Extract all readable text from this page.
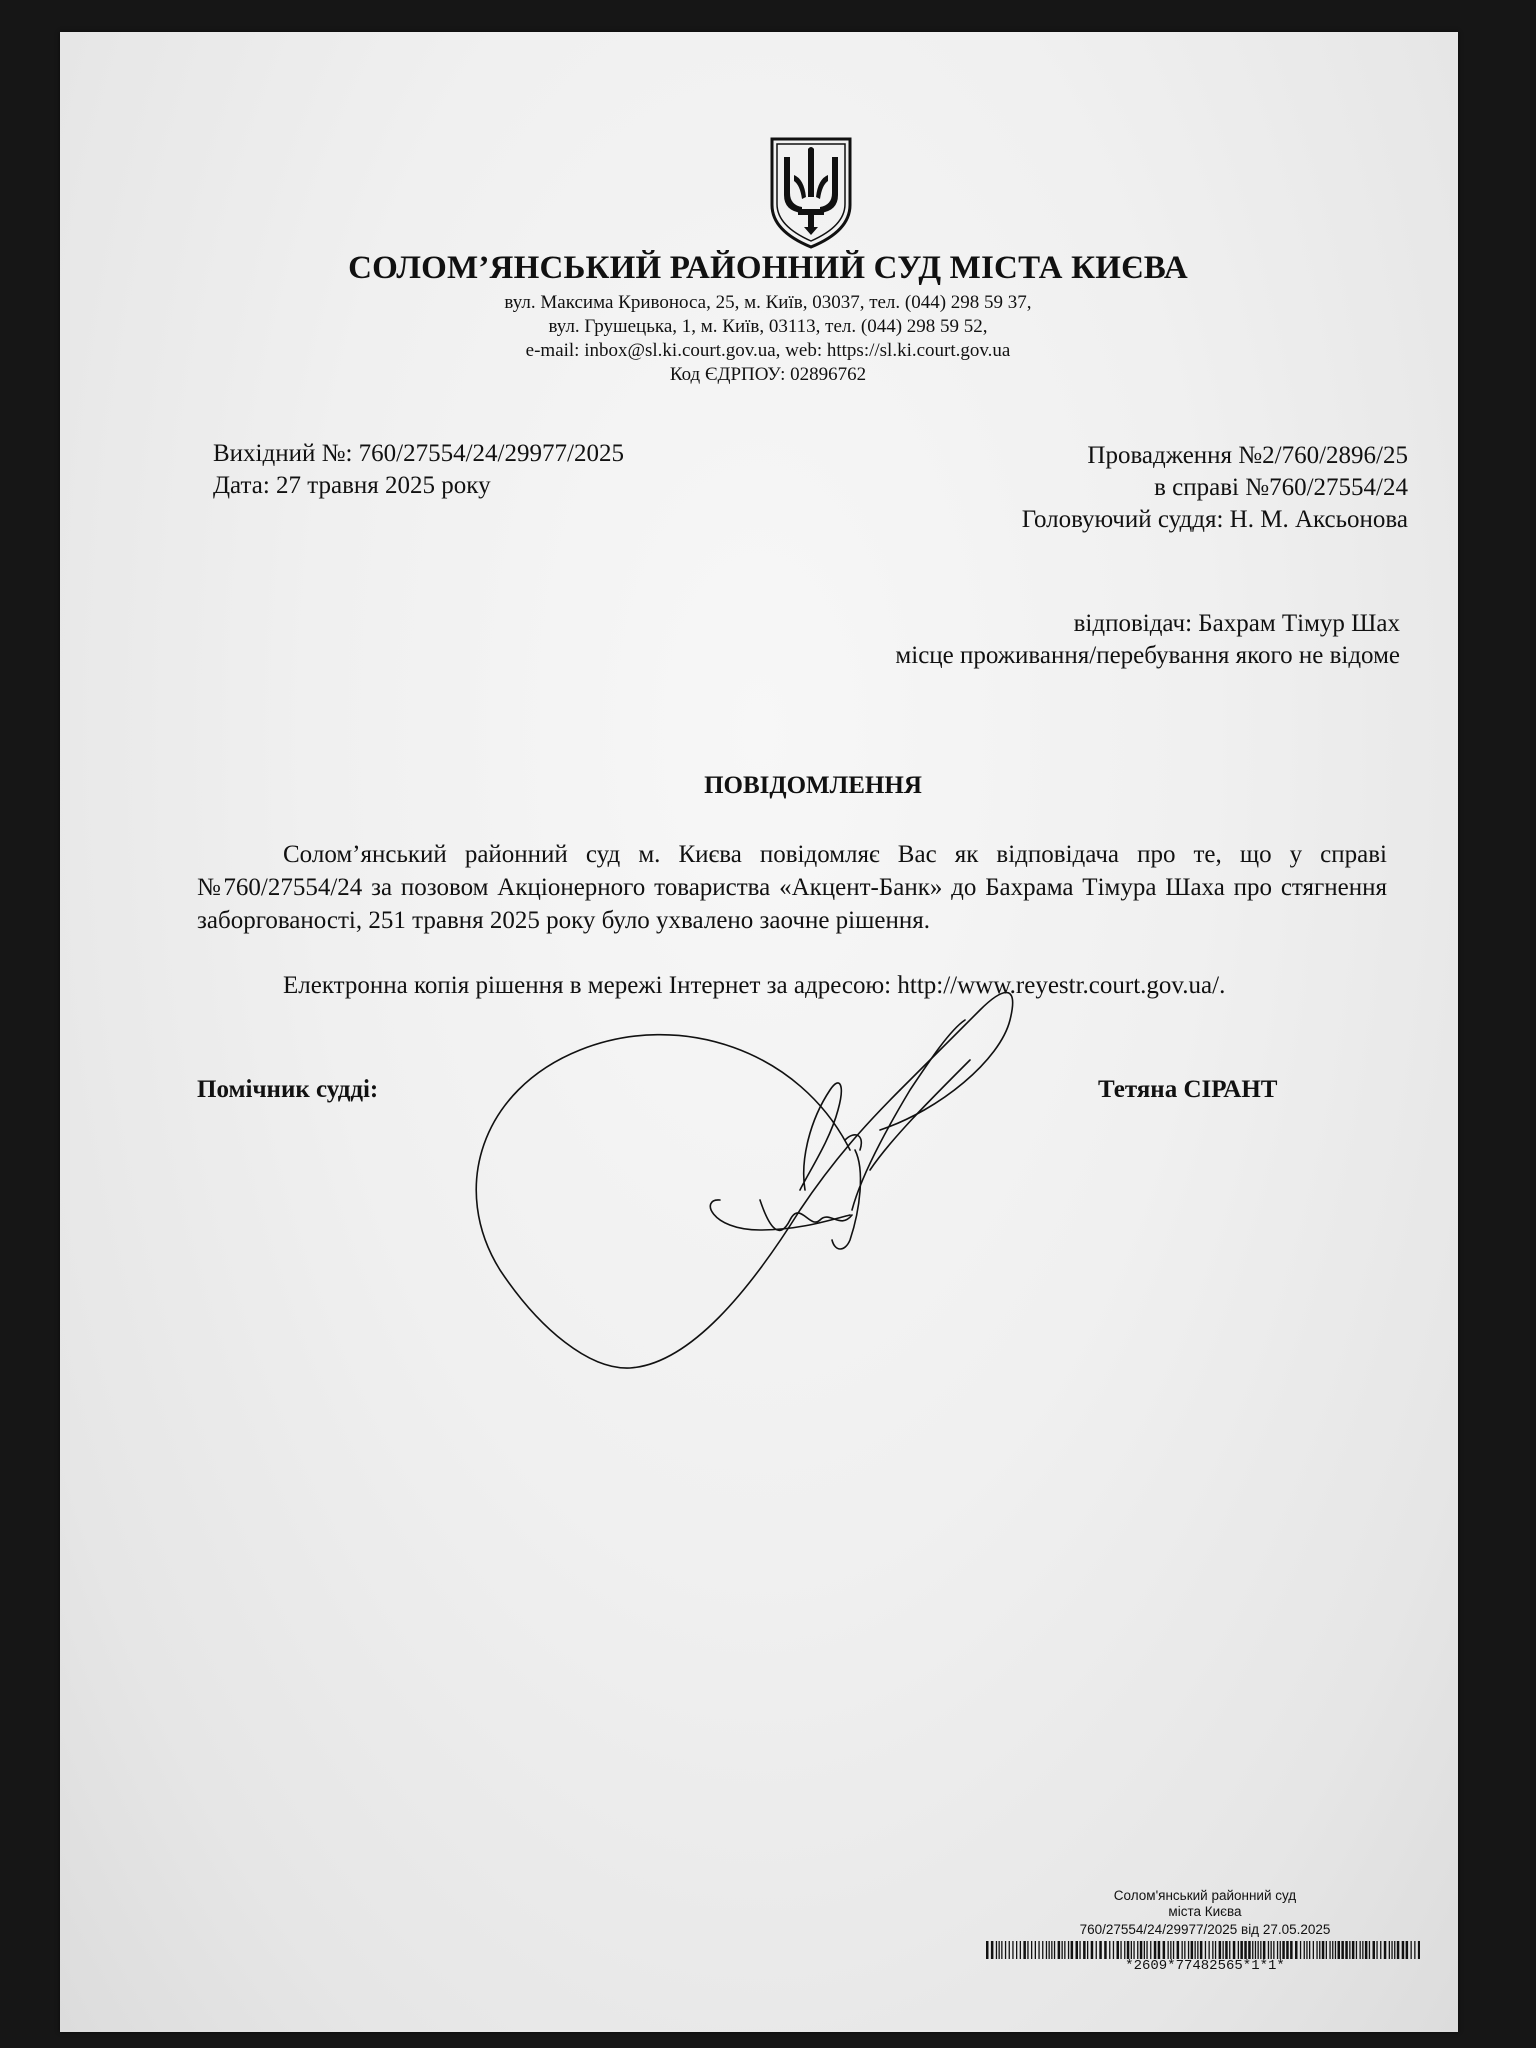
СОЛОМ’ЯНСЬКИЙ РАЙОННИЙ СУД МІСТА КИЄВА
вул. Максима Кривоноса, 25, м. Київ, 03037, тел. (044) 298 59 37,
вул. Грушецька, 1, м. Київ, 03113, тел. (044) 298 59 52,
e-mail: inbox@sl.ki.court.gov.ua, web: https://sl.ki.court.gov.ua
Код ЄДРПОУ: 02896762
Вихідний №: 760/27554/24/29977/2025
Дата: 27 травня 2025 року
Провадження №2/760/2896/25
в справі №760/27554/24
Головуючий суддя: Н. М. Аксьонова
відповідач: Бахрам Тімур Шах
місце проживання/перебування якого не відоме
ПОВІДОМЛЕННЯ

Солом’янський районний суд м. Києва повідомляє Вас як відповідача про те, що у справі №760/27554/24 за позовом Акціонерного товариства «Акцент-Банк» до Бахрама Тімура Шаха про стягнення заборгованості, 251 травня 2025 року було ухвалено заочне рішення.

Електронна копія рішення в мережі Інтернет за адресою: http://www.reyestr.court.gov.ua/.
Помічник судді:	Тетяна СІРАНТ
Солом'янський районний суд
міста Києва
760/27554/24/29977/2025 від 27.05.2025
*2609*77482565*1*1*
